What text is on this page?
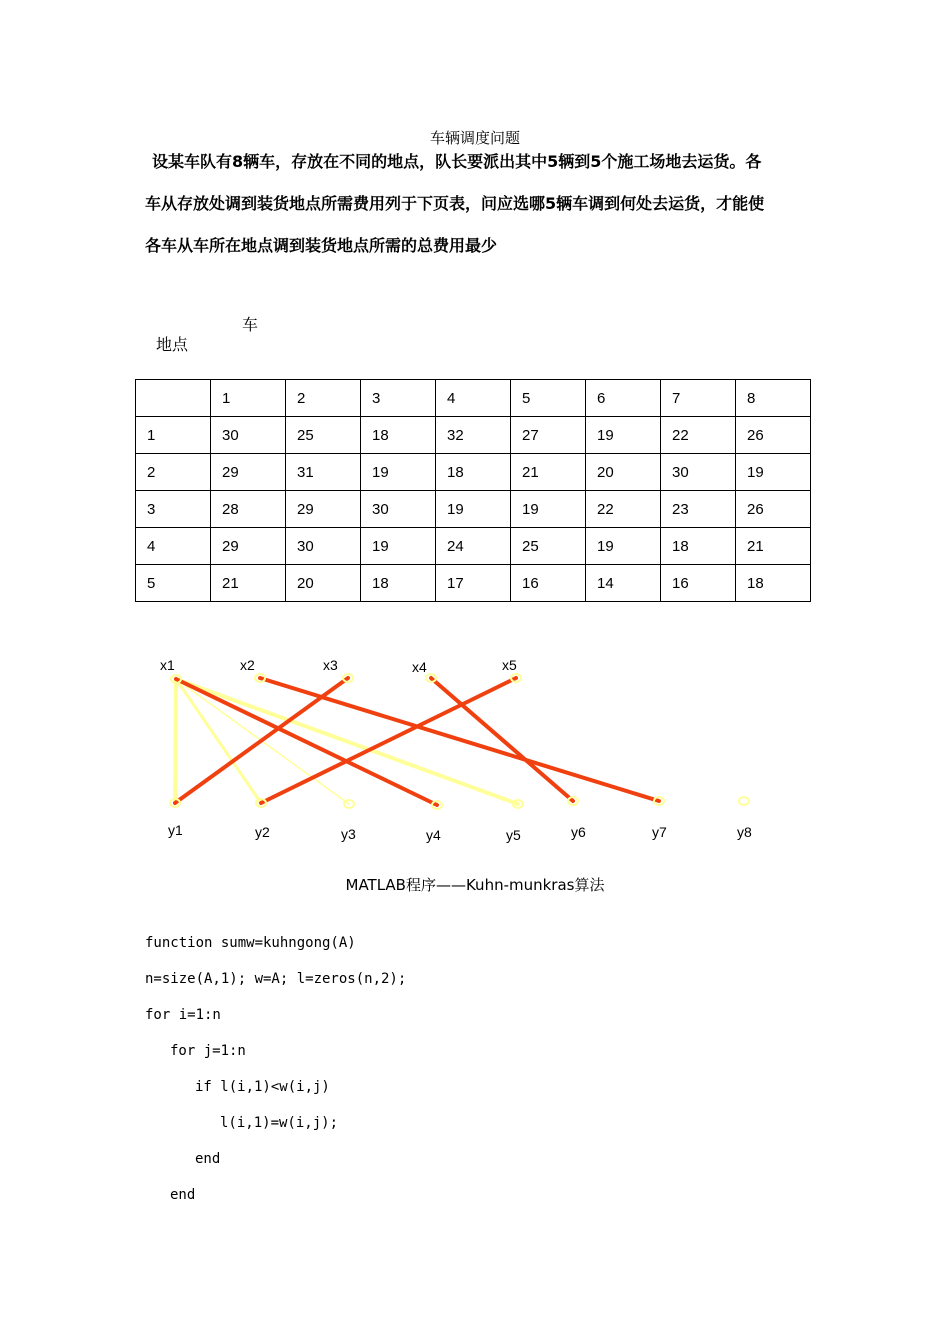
车辆调度问题
设某车队有8辆车，存放在不同的地点，队长要派出其中5辆到5个施工场地去运货。各
车从存放处调到装货地点所需费用列于下页表，问应选哪5辆车调到何处去运货，才能使
各车从车所在地点调到装货地点所需的总费用最少
车
地点
	1	2	3	4	5	6	7	8
1	30	25	18	32	27	19	22	26
2	29	31	19	18	21	20	30	19
3	28	29	30	19	19	22	23	26
4	29	30	19	24	25	19	18	21
5	21	20	18	17	16	14	16	18
x1	x2	x3	x4	x5
y1	y2	y3	y4	y5	y6	y7	y8
MATLAB程序——Kuhn-munkras算法
function sumw=kuhngong(A)
n=size(A,1); w=A; l=zeros(n,2);
for i=1:n
for j=1:n
if l(i,1)<w(i,j)
l(i,1)=w(i,j);
end
end
